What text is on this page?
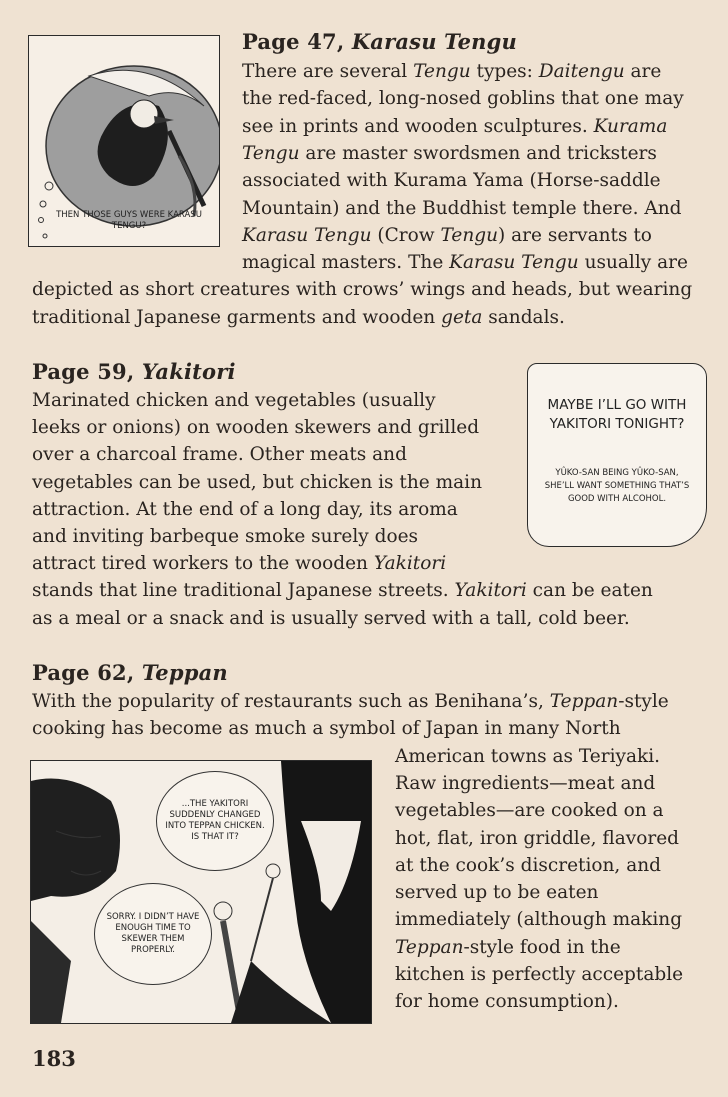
Page 47, Karasu Tengu
There are several Tengu types: Daitengu are
the red-faced, long-nosed goblins that one may
see in prints and wooden sculptures. Kurama
Tengu are master swordsmen and tricksters
associated with Kurama Yama (Horse-saddle
Mountain) and the Buddhist temple there. And
Karasu Tengu (Crow Tengu) are servants to
magical masters. The Karasu Tengu usually are
depicted as short creatures with crows’ wings and heads, but wearing
traditional Japanese garments and wooden geta sandals.
THEN THOSE GUYS WERE KARASU TENGU?
Page 59, Yakitori
Marinated chicken and vegetables (usually
leeks or onions) on wooden skewers and grilled
over a charcoal frame. Other meats and
vegetables can be used, but chicken is the main
attraction. At the end of a long day, its aroma
and inviting barbeque smoke surely does
attract tired workers to the wooden Yakitori
stands that line traditional Japanese streets. Yakitori can be eaten
as a meal or a snack and is usually served with a tall, cold beer.
MAYBE I’LL GO WITH YAKITORI TONIGHT?
YÛKO-SAN BEING YÛKO-SAN, SHE’LL WANT SOMETHING THAT’S GOOD WITH ALCOHOL.
Page 62, Teppan
With the popularity of restaurants such as Benihana’s, Teppan-style
cooking has become as much a symbol of Japan in many North
American towns as Teriyaki.
Raw ingredients—meat and
vegetables—are cooked on a
hot, flat, iron griddle, flavored
at the cook’s discretion, and
served up to be eaten
immediately (although making
Teppan-style food in the
kitchen is perfectly acceptable
for home consumption).
...THE YAKITORI SUDDENLY CHANGED INTO TEPPAN CHICKEN. IS THAT IT?
SORRY. I DIDN’T HAVE ENOUGH TIME TO SKEWER THEM PROPERLY.
183
